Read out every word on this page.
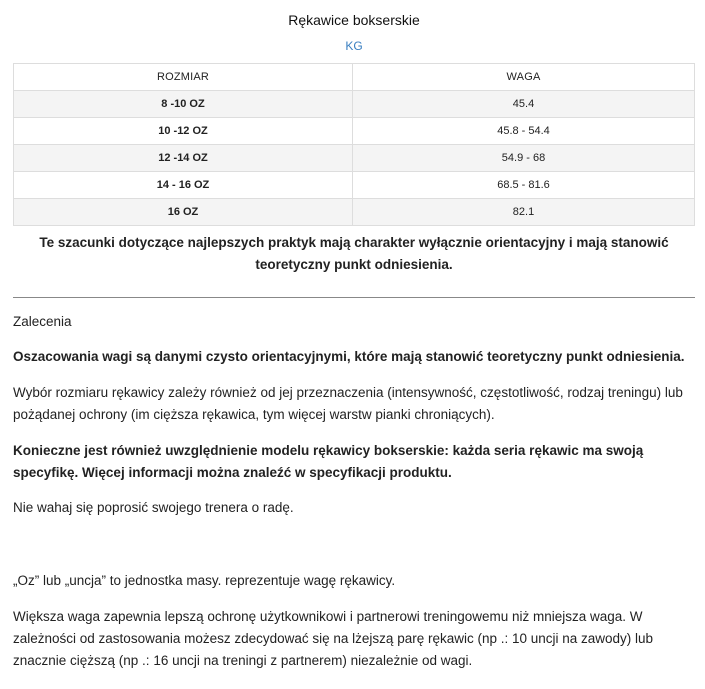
Rękawice bokserskie
KG
ROZMIAR	WAGA
8 -10 OZ	45.4
10 -12 OZ	45.8 - 54.4
12 -14 OZ	54.9 - 68
14 - 16 OZ	68.5 - 81.6
16 OZ	82.1
Te szacunki dotyczące najlepszych praktyk mają charakter wyłącznie orientacyjny i mają stanowić teoretyczny punkt odniesienia.
Zalecenia
Oszacowania wagi są danymi czysto orientacyjnymi, które mają stanowić teoretyczny punkt odniesienia.
Wybór rozmiaru rękawicy zależy również od jej przeznaczenia (intensywność, częstotliwość, rodzaj treningu) lub pożądanej ochrony (im cięższa rękawica, tym więcej warstw pianki chroniących).
Konieczne jest również uwzględnienie modelu rękawicy bokserskie: każda seria rękawic ma swoją specyfikę. Więcej informacji można znaleźć w specyfikacji produktu.
Nie wahaj się poprosić swojego trenera o radę.
„Oz” lub „uncja” to jednostka masy. reprezentuje wagę rękawicy.
Większa waga zapewnia lepszą ochronę użytkownikowi i partnerowi treningowemu niż mniejsza waga. W zależności od zastosowania możesz zdecydować się na lżejszą parę rękawic (np .: 10 uncji na zawody) lub znacznie cięższą (np .: 16 uncji na treningi z partnerem) niezależnie od wagi.
